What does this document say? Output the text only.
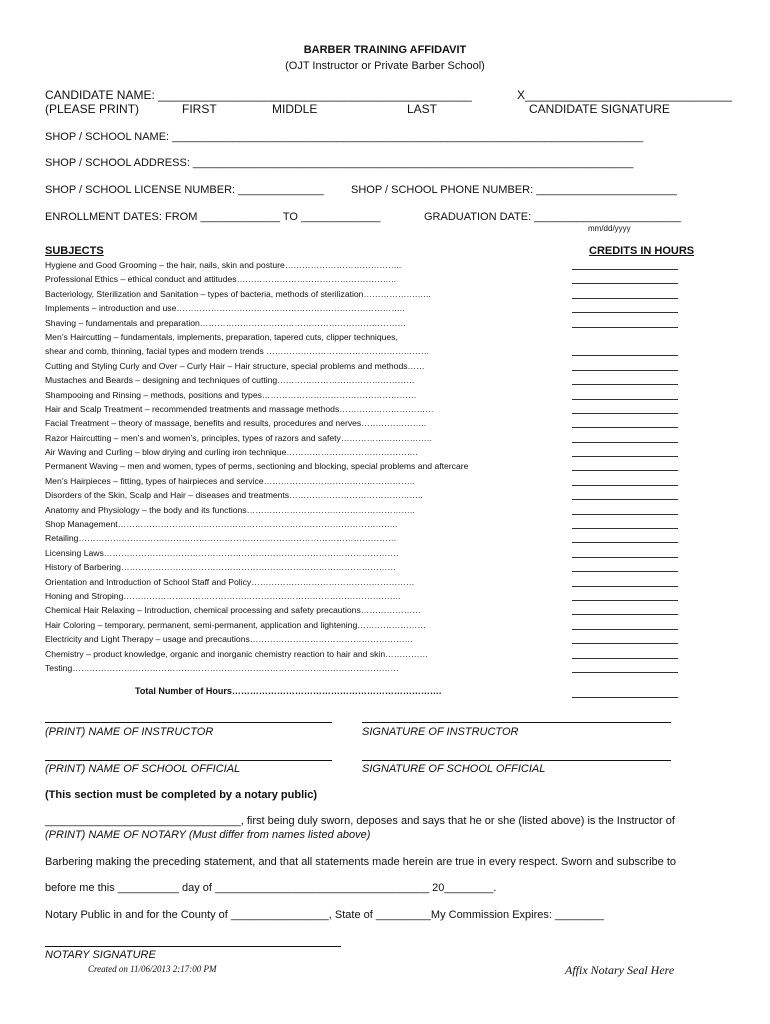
BARBER TRAINING AFFIDAVIT
(OJT Instructor or Private Barber School)
CANDIDATE NAME: _______________________________________________	X_______________________________
(PLEASE PRINT)	FIRST	MIDDLE	LAST	CANDIDATE SIGNATURE
SHOP / SCHOOL NAME: _____________________________________________________________________________
SHOP / SCHOOL ADDRESS: ________________________________________________________________________
SHOP / SCHOOL LICENSE NUMBER: ______________ SHOP / SCHOOL PHONE NUMBER: _______________________
ENROLLMENT DATES: FROM _____________ TO _____________	GRADUATION DATE: ________________________
mm/dd/yyyy
SUBJECTS	CREDITS IN HOURS
Hygiene and Good Grooming – the hair, nails, skin and posture…………………………………..
Professional Ethics – ethical conduct and attitudes………………………………………………..
Bacteriology, Sterilization and Sanitation – types of bacteria, methods of sterilization……………….…..
Implements – introduction and use……………………………………………………………………..
Shaving – fundamentals and preparation………………………………………………………………
Men’s Haircutting – fundamentals, implements, preparation, tapered cuts, clipper techniques,
shear and comb, thinning, facial types and modern trends …………………………………………………
Cutting and Styling Curly and Over – Curly Hair – Hair structure, special problems and methods……
Mustaches and Beards – designing and techniques of cutting…………………………………………
Shampooing and Rinsing – methods, positions and types………………………………………………
Hair and Scalp Treatment – recommended treatments and massage methods……………………………
Facial Treatment – theory of massage, benefits and results, procedures and nerves…………………..
Razor Haircutting – men’s and women’s, principles, types of razors and safety…………………………..
Air Waving and Curling – blow drying and curling iron technique……………………………………….
Permanent Waving – men and women, types of perms, sectioning and blocking, special problems and aftercare
Men’s Hairpieces – fitting, types of hairpieces and service……………………………………………..
Disorders of the Skin, Scalp and Hair – diseases and treatments………………………………………..
Anatomy and Physiology – the body and its functions…………………………………………………..
Shop Management……………………………………………………………………………………..
Retailing…………………………………………………………………………………………………
Licensing Laws………………………………………………………………………………………….
History of Barbering……………………………………………………………………………………
Orientation and Introduction of School Staff and Policy…………………………………………………
Honing and Stroping…………………………………………………………………………………….
Chemical Hair Relaxing – Introduction, chemical processing and safety precautions…………………
Hair Coloring – temporary, permanent, semi-permanent, application and lightening……………………
Electricity and Light Therapy – usage and precautions…………………………………………………
Chemistry – product knowledge, organic and inorganic chemistry reaction to hair and skin……………
Testing……………………………………………………………………………………………………
Total Number of Hours…………………………………………………………….
(PRINT) NAME OF INSTRUCTOR	SIGNATURE OF INSTRUCTOR
(PRINT) NAME OF SCHOOL OFFICIAL	SIGNATURE OF SCHOOL OFFICIAL
(This section must be completed by a notary public)
________________________________, first being duly sworn, deposes and says that he or she (listed above) is the Instructor of
(PRINT) NAME OF NOTARY (Must differ from names listed above)
Barbering making the preceding statement, and that all statements made herein are true in every respect. Sworn and subscribe to
before me this __________ day of ___________________________________ 20________.
Notary Public in and for the County of ________________, State of _________My Commission Expires: ________
NOTARY SIGNATURE
Created on 11/06/2013 2:17:00 PM	Affix Notary Seal Here
